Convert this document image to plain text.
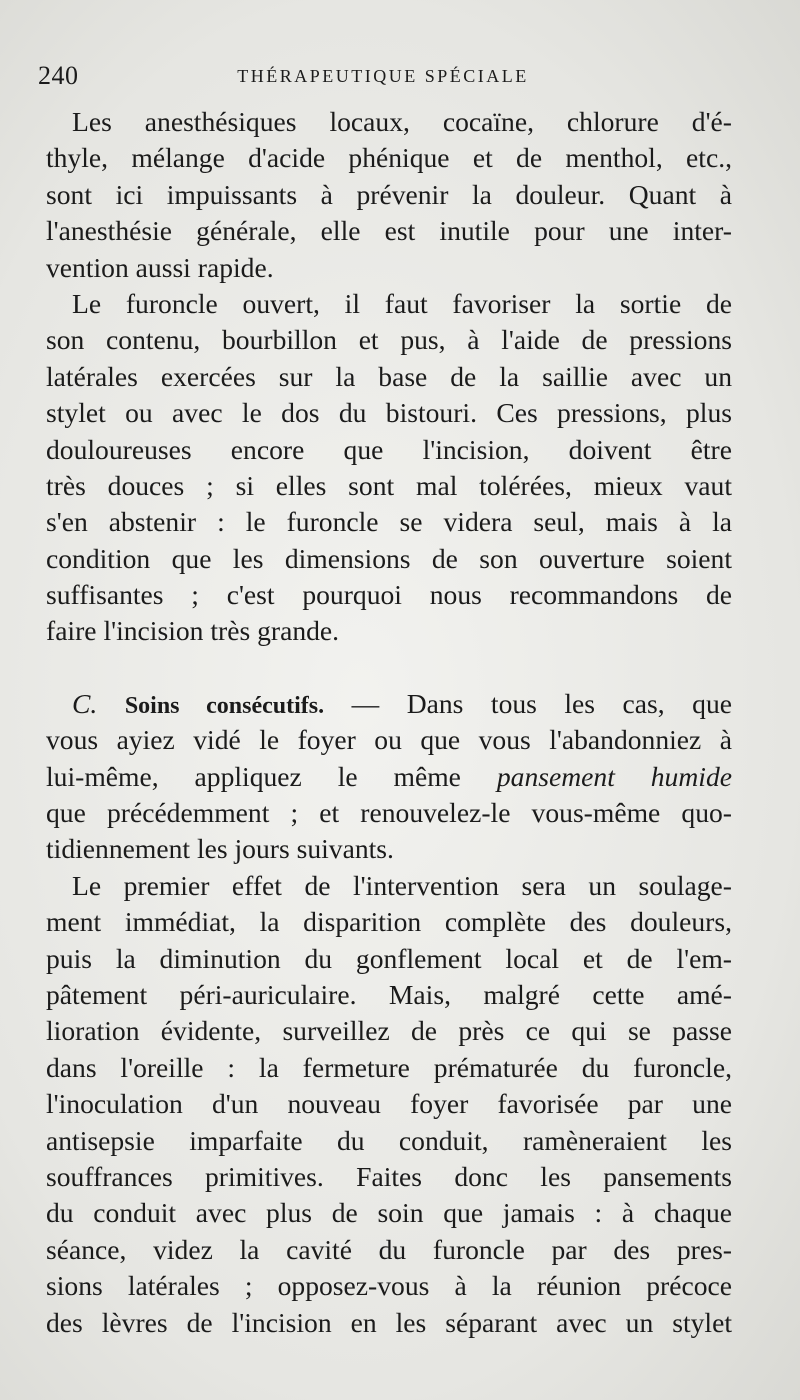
240	THÉRAPEUTIQUE SPÉCIALE
Les anesthésiques locaux, cocaïne, chlorure d'é-
thyle, mélange d'acide phénique et de menthol, etc.,
sont ici impuissants à prévenir la douleur. Quant à
l'anesthésie générale, elle est inutile pour une inter-
vention aussi rapide.
Le furoncle ouvert, il faut favoriser la sortie de
son contenu, bourbillon et pus, à l'aide de pressions
latérales exercées sur la base de la saillie avec un
stylet ou avec le dos du bistouri. Ces pressions, plus
douloureuses encore que l'incision, doivent être
très douces ; si elles sont mal tolérées, mieux vaut
s'en abstenir : le furoncle se videra seul, mais à la
condition que les dimensions de son ouverture soient
suffisantes ; c'est pourquoi nous recommandons de
faire l'incision très grande.
C. Soins consécutifs. — Dans tous les cas, que
vous ayiez vidé le foyer ou que vous l'abandonniez à
lui-même, appliquez le même pansement humide
que précédemment ; et renouvelez-le vous-même quo-
tidiennement les jours suivants.
Le premier effet de l'intervention sera un soulage-
ment immédiat, la disparition complète des douleurs,
puis la diminution du gonflement local et de l'em-
pâtement péri-auriculaire. Mais, malgré cette amé-
lioration évidente, surveillez de près ce qui se passe
dans l'oreille : la fermeture prématurée du furoncle,
l'inoculation d'un nouveau foyer favorisée par une
antisepsie imparfaite du conduit, ramèneraient les
souffrances primitives. Faites donc les pansements
du conduit avec plus de soin que jamais : à chaque
séance, videz la cavité du furoncle par des pres-
sions latérales ; opposez-vous à la réunion précoce
des lèvres de l'incision en les séparant avec un stylet
